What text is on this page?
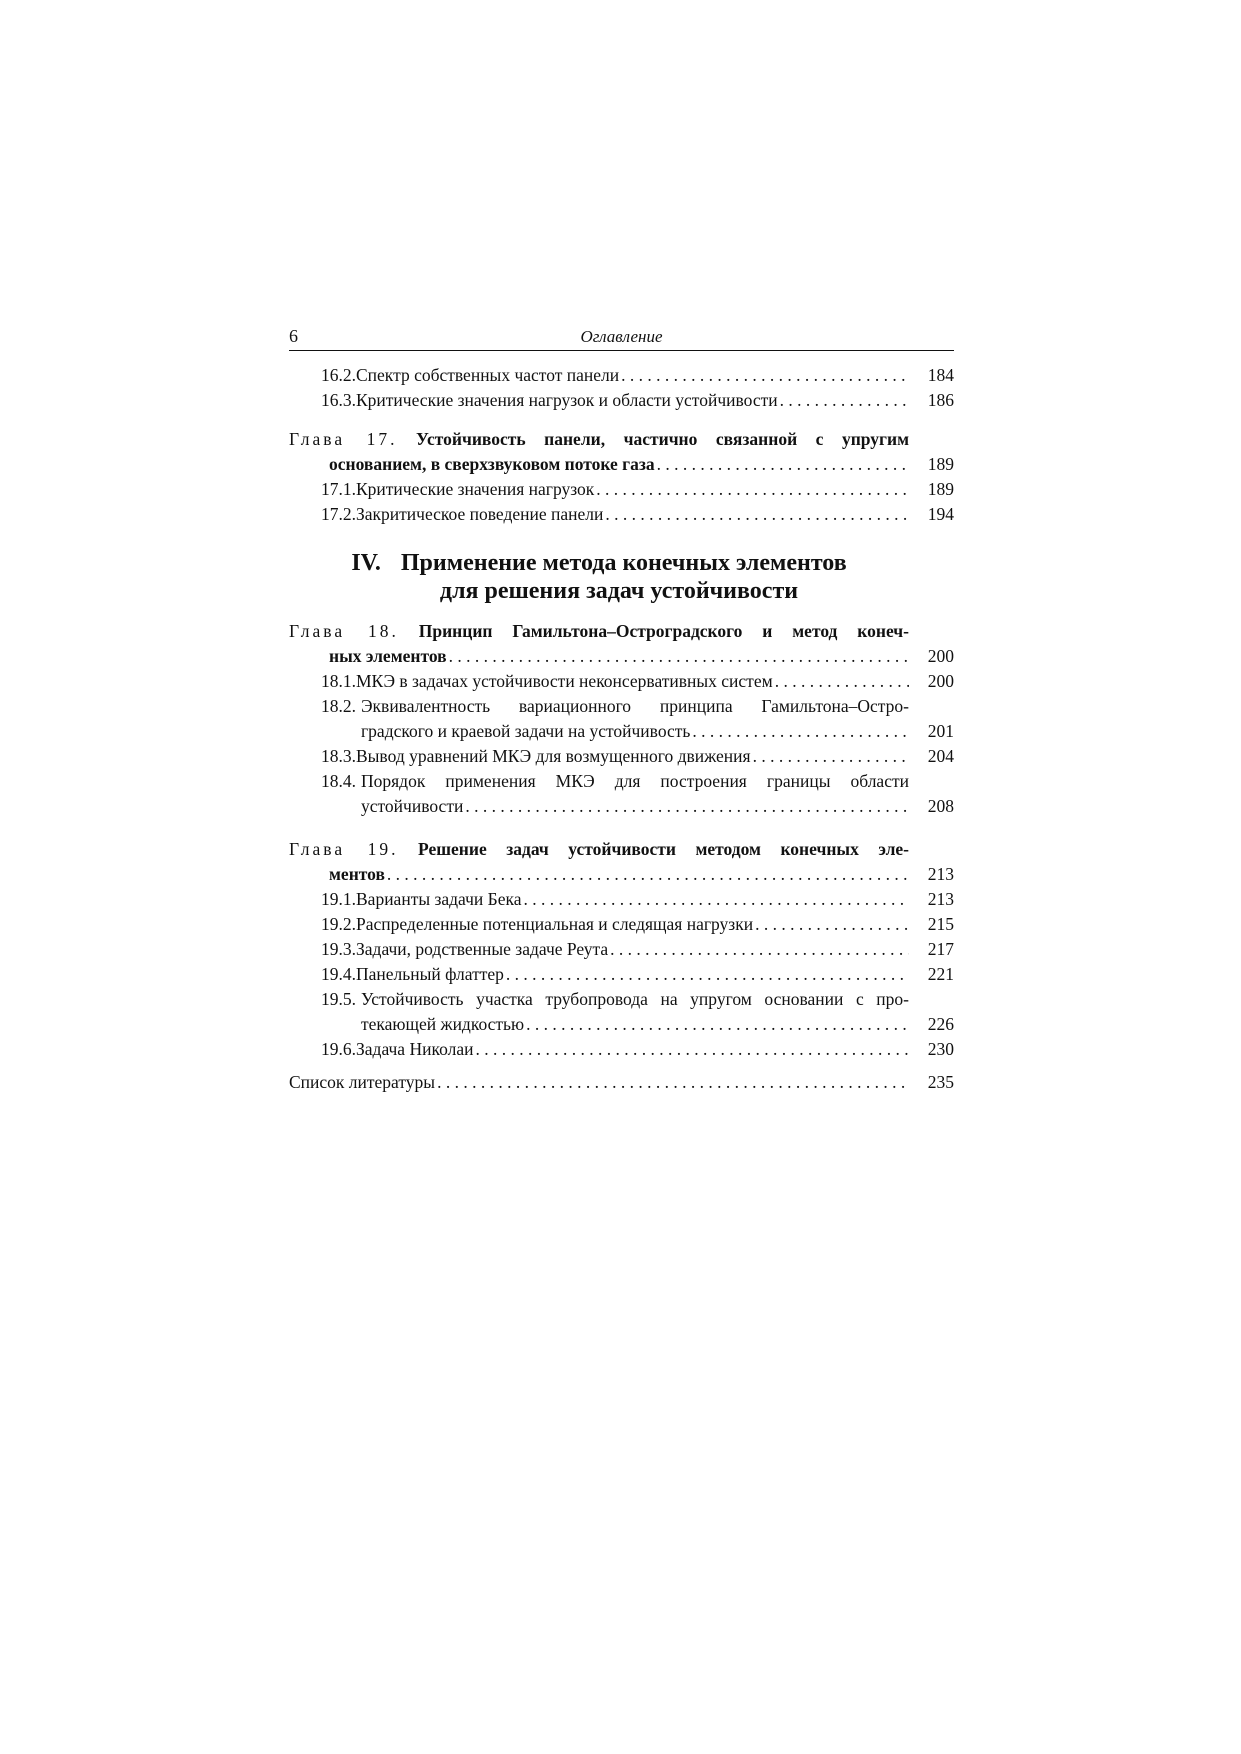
6	Оглавление
16.2. Спектр собственных частот панели . . .	184
16.3. Критические значения нагрузок и области устойчивости . . .	186
Глава 17. Устойчивость панели, частично связанной с упругим
основанием, в сверхзвуковом потоке газа . . .	189
17.1. Критические значения нагрузок . . .	189
17.2. Закритическое поведение панели . . .	194
IV. Применение метода конечных элементов
для решения задач устойчивости
Глава 18. Принцип Гамильтона–Остроградского и метод конеч-
ных элементов . . .	200
18.1. МКЭ в задачах устойчивости неконсервативных систем . . .	200
18.2. Эквивалентность вариационного принципа Гамильтона–Остро-
градского и краевой задачи на устойчивость . . .	201
18.3. Вывод уравнений МКЭ для возмущенного движения . . .	204
18.4. Порядок применения МКЭ для построения границы области
устойчивости . . .	208
Глава 19. Решение задач устойчивости методом конечных эле-
ментов . . .	213
19.1. Варианты задачи Бека . . .	213
19.2. Распределенные потенциальная и следящая нагрузки . . .	215
19.3. Задачи, родственные задаче Реута . . .	217
19.4. Панельный флаттер . . .	221
19.5. Устойчивость участка трубопровода на упругом основании с про-
текающей жидкостью . . .	226
19.6. Задача Николаи . . .	230
Список литературы . . .	235
